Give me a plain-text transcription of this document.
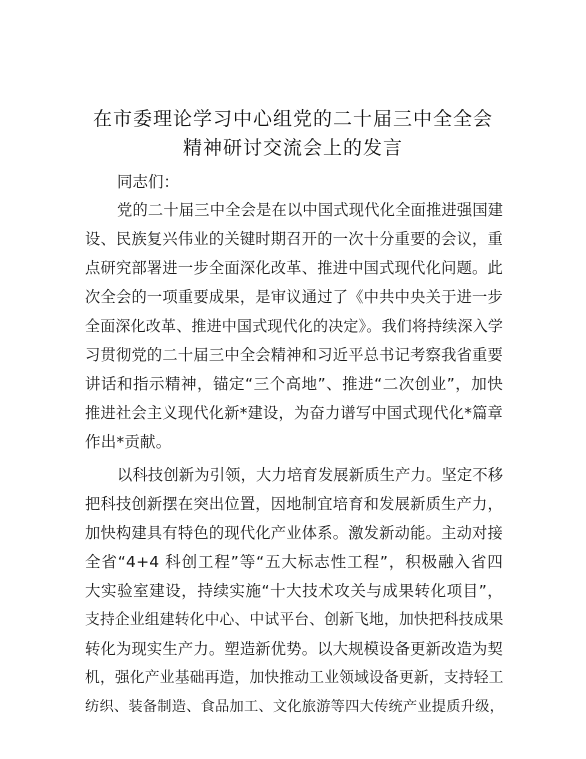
在市委理论学习中心组党的二十届三中全全会
精神研讨交流会上的发言
同志们：
党的二十届三中全会是在以中国式现代化全面推进强国建
设、民族复兴伟业的关键时期召开的一次十分重要的会议，重
点研究部署进一步全面深化改革、推进中国式现代化问题。此
次全会的一项重要成果，是审议通过了《中共中央关于进一步
全面深化改革、推进中国式现代化的决定》。我们将持续深入学
习贯彻党的二十届三中全会精神和习近平总书记考察我省重要
讲话和指示精神，锚定“三个高地”、推进“二次创业”，加快
推进社会主义现代化新*建设，为奋力谱写中国式现代化*篇章
作出*贡献。
以科技创新为引领，大力培育发展新质生产力。坚定不移
把科技创新摆在突出位置，因地制宜培育和发展新质生产力，
加快构建具有特色的现代化产业体系。激发新动能。主动对接
全省“4+4 科创工程”等“五大标志性工程”，积极融入省四
大实验室建设，持续实施“十大技术攻关与成果转化项目”，
支持企业组建转化中心、中试平台、创新飞地，加快把科技成果
转化为现实生产力。塑造新优势。以大规模设备更新改造为契
机，强化产业基础再造，加快推动工业领域设备更新，支持轻工
纺织、装备制造、食品加工、文化旅游等四大传统产业提质升级，
